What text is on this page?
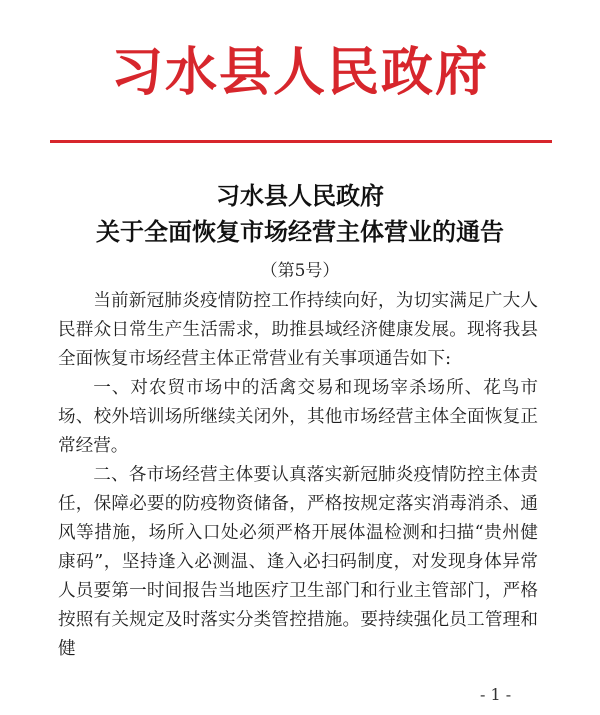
习水县人民政府
习水县人民政府
关于全面恢复市场经营主体营业的通告
（第5号）

当前新冠肺炎疫情防控工作持续向好，为切实满足广大人民群众日常生产生活需求，助推县域经济健康发展。现将我县全面恢复市场经营主体正常营业有关事项通告如下:

一、对农贸市场中的活禽交易和现场宰杀场所、花鸟市场、校外培训场所继续关闭外，其他市场经营主体全面恢复正常经营。

二、各市场经营主体要认真落实新冠肺炎疫情防控主体责任，保障必要的防疫物资储备，严格按规定落实消毒消杀、通风等措施，场所入口处必须严格开展体温检测和扫描“贵州健康码”，坚持逢入必测温、逢入必扫码制度，对发现身体异常人员要第一时间报告当地医疗卫生部门和行业主管部门，严格按照有关规定及时落实分类管控措施。要持续强化员工管理和健

- 1 -
